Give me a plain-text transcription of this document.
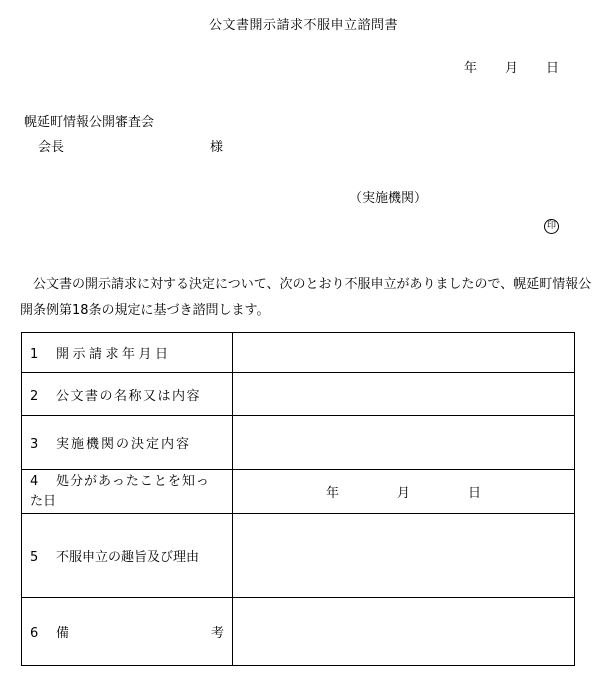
公文書開示請求不服申立諮問書
年 月 日
幌延町情報公開審査会
会長	様
（実施機関）
印
公文書の開示請求に対する決定について、次のとおり不服申立がありましたので、幌延町情報公開条例第18条の規定に基づき諮問します。
1 開示請求年月日	
2 公文書の名称又は内容	
3 実施機関の決定内容	
4 処分があったことを知っ
た日	年 月 日
5 不服申立の趣旨及び理由	

6 備 考	
